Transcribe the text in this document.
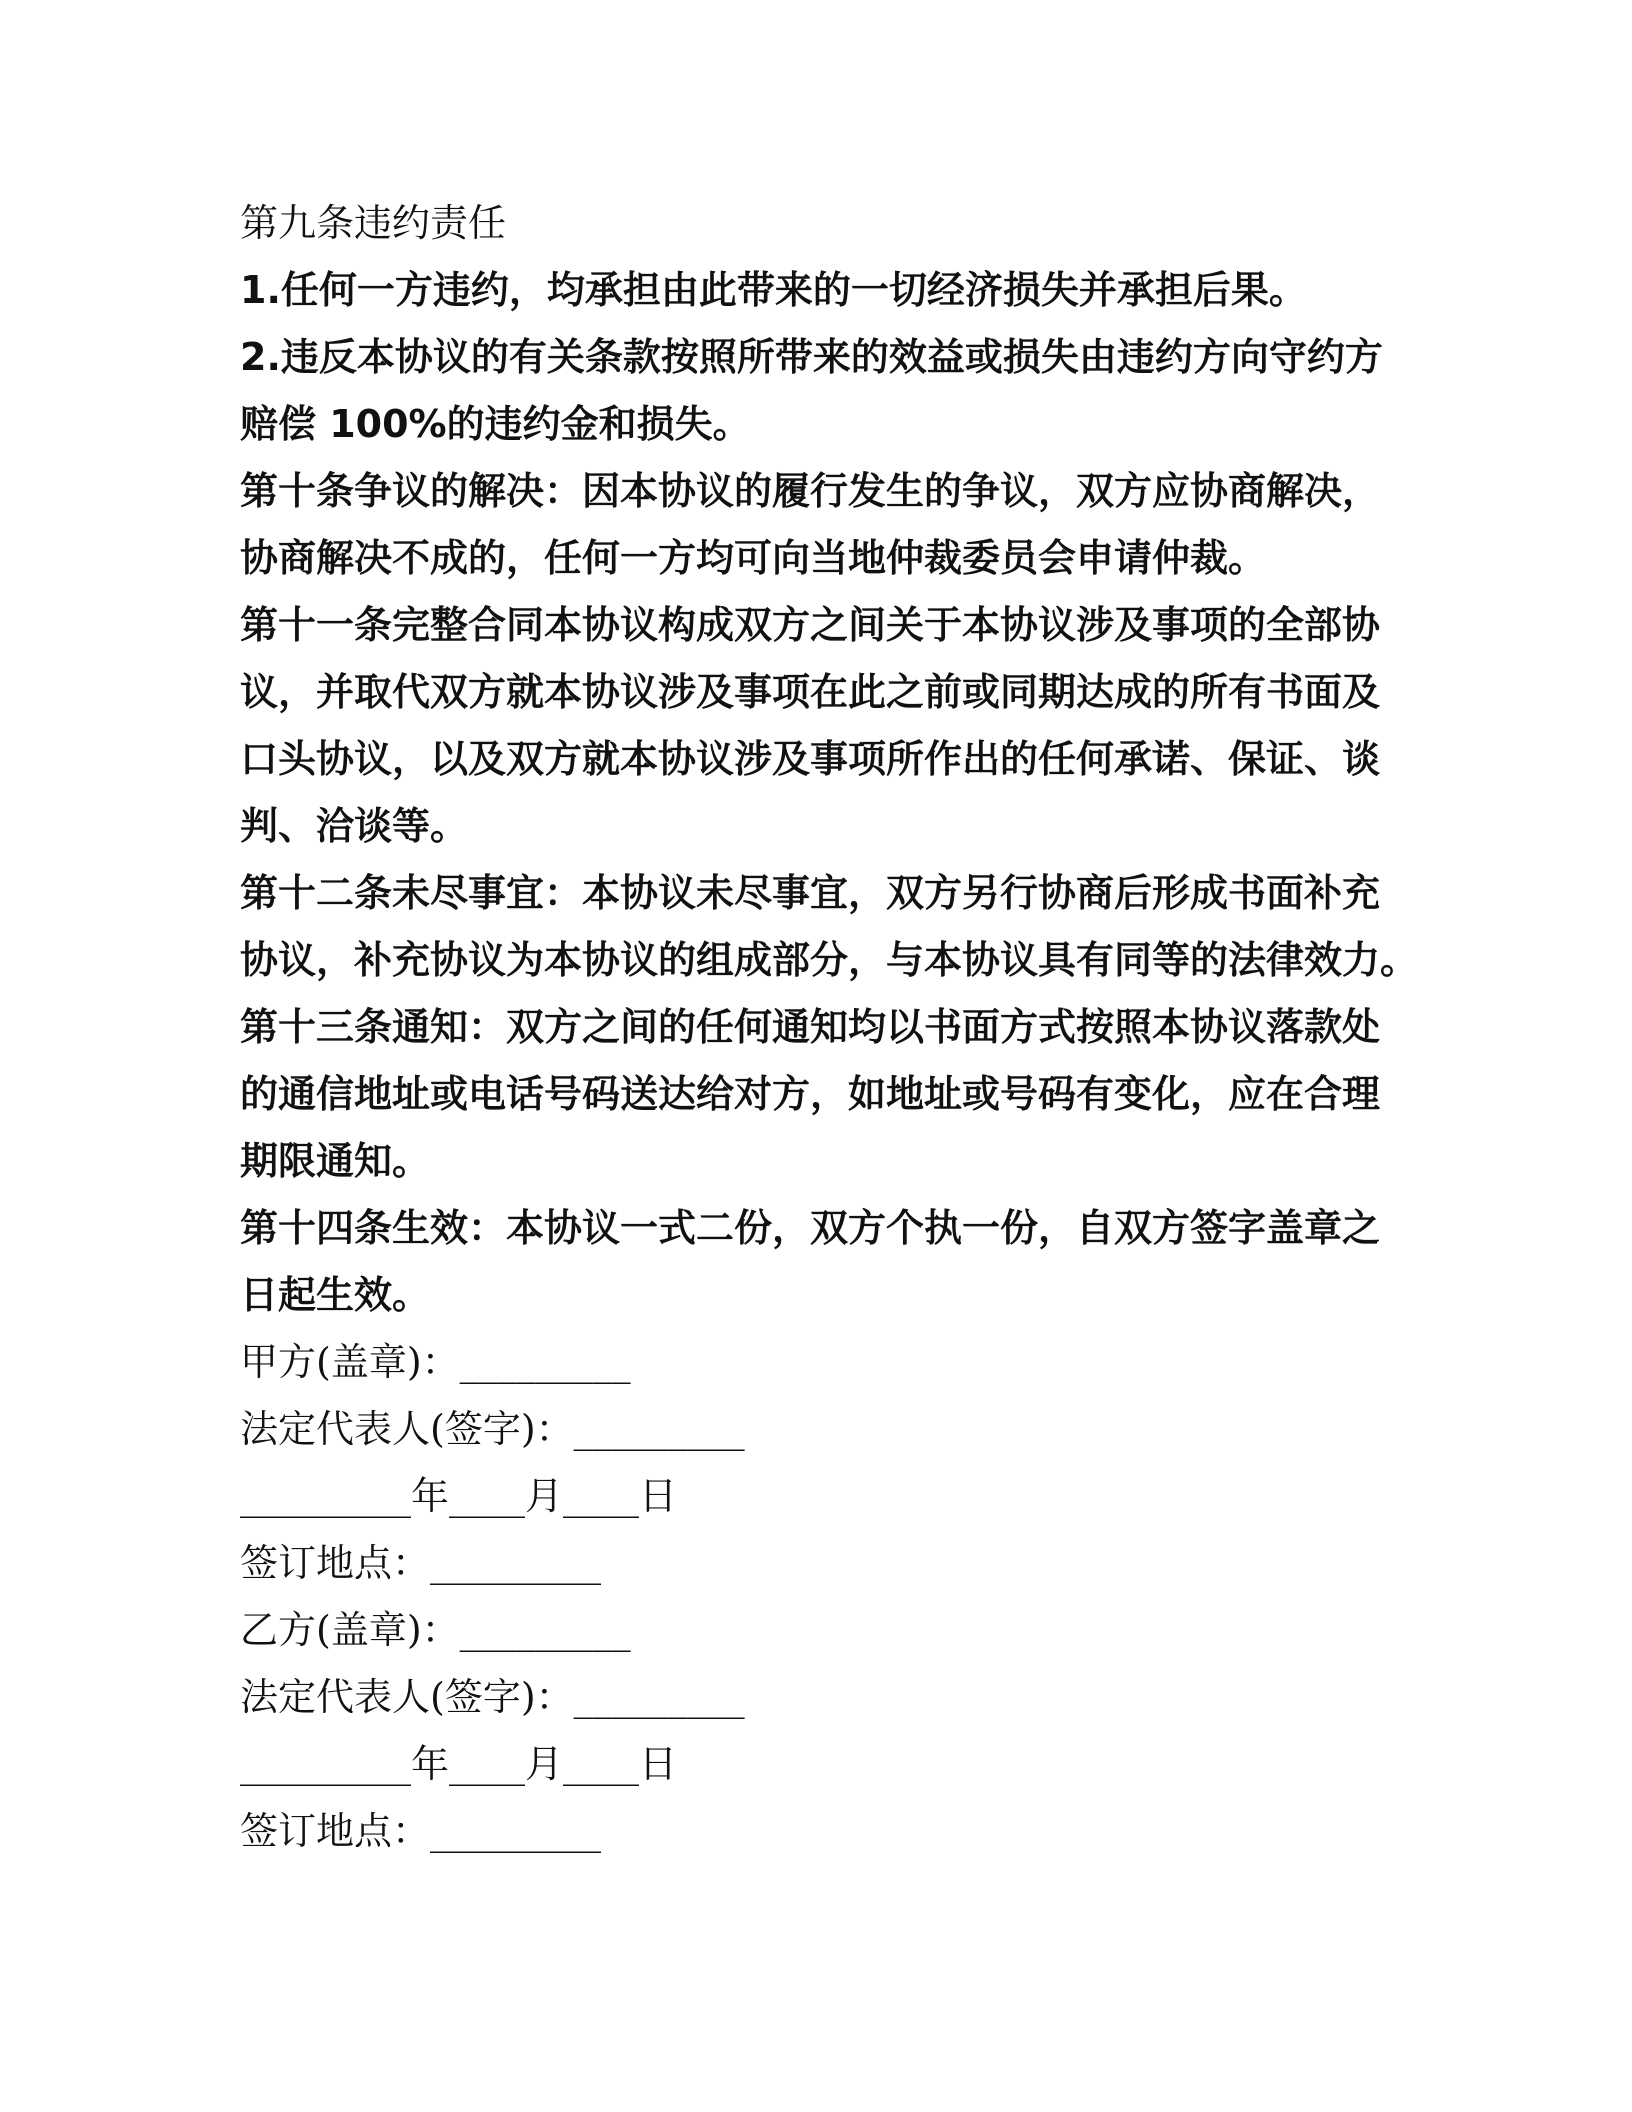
第九条违约责任

1.任何一方违约，均承担由此带来的一切经济损失并承担后果。

2.违反本协议的有关条款按照所带来的效益或损失由违约方向守约方

赔偿 100%的违约金和损失。

第十条争议的解决：因本协议的履行发生的争议，双方应协商解决，

协商解决不成的，任何一方均可向当地仲裁委员会申请仲裁。

第十一条完整合同本协议构成双方之间关于本协议涉及事项的全部协

议，并取代双方就本协议涉及事项在此之前或同期达成的所有书面及

口头协议，以及双方就本协议涉及事项所作出的任何承诺、保证、谈

判、洽谈等。

第十二条未尽事宜：本协议未尽事宜，双方另行协商后形成书面补充

协议，补充协议为本协议的组成部分，与本协议具有同等的法律效力。

第十三条通知：双方之间的任何通知均以书面方式按照本协议落款处

的通信地址或电话号码送达给对方，如地址或号码有变化，应在合理

期限通知。

第十四条生效：本协议一式二份，双方个执一份，自双方签字盖章之

日起生效。

甲方(盖章)：_________

法定代表人(签字)：_________

_________年____月____日

签订地点：_________

乙方(盖章)：_________

法定代表人(签字)：_________

_________年____月____日

签订地点：_________
